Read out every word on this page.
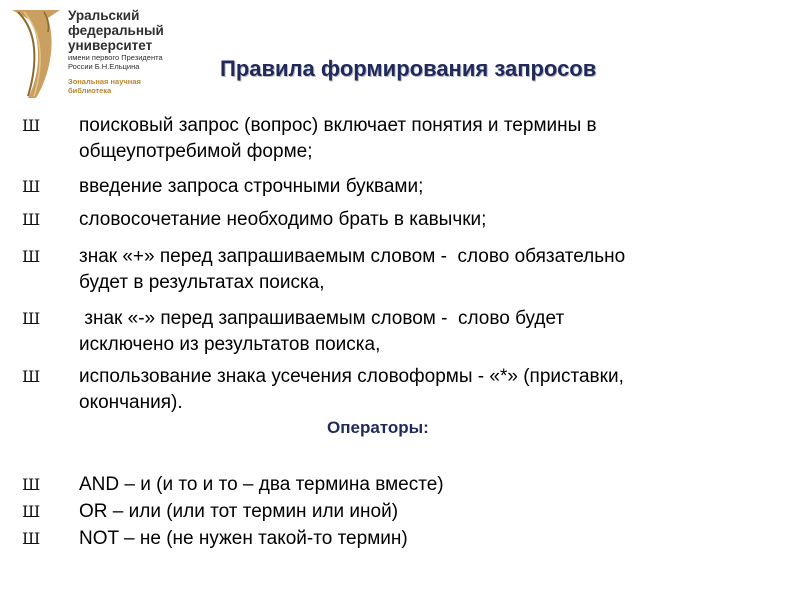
Уральский
федеральный
университет
имени первого Президента
России Б.Н.Ельцина
Зональная научная
библиотека
Правила формирования запросов
Ш	поисковый запрос (вопрос) включает понятия и термины в
общеупотребимой форме;
Ш	введение запроса строчными буквами;
Ш	словосочетание необходимо брать в кавычки;
Ш	знак «+» перед запрашиваемым словом -  слово обязательно
будет в результатах поиска,
Ш	знак «-» перед запрашиваемым словом -  слово будет
исключено из результатов поиска,
Ш	использование знака усечения словоформы - «*» (приставки,
окончания).
Операторы:
Ш	AND – и (и то и то – два термина вместе)
Ш	OR – или (или тот термин или иной)
Ш	NOT – не (не нужен такой-то термин)
